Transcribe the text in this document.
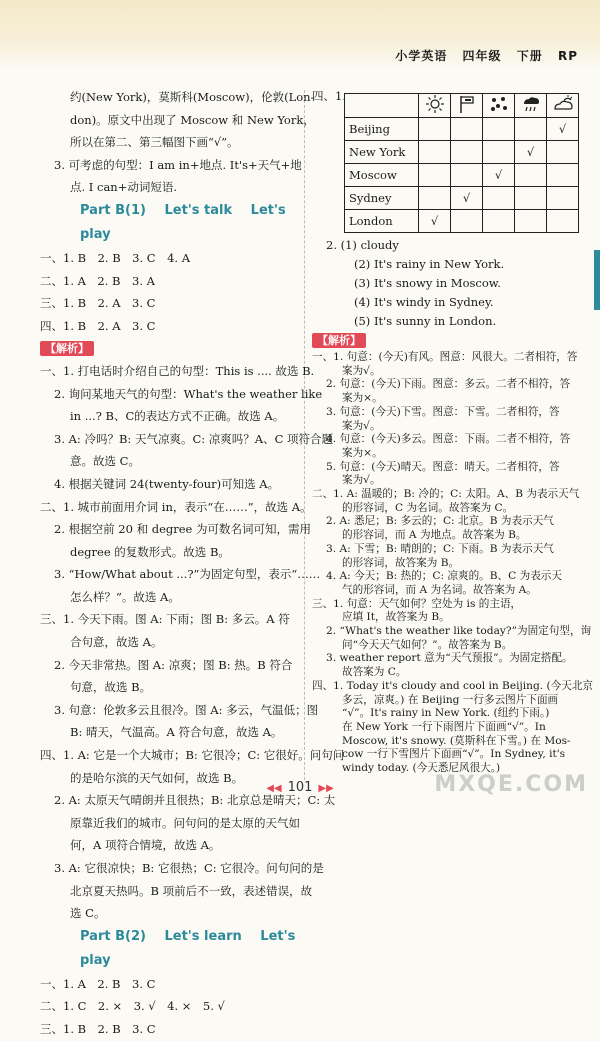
小学英语 四年级 下册 RP
约(New York)，莫斯科(Moscow)，伦敦(Lon-
don)。原文中出现了 Moscow 和 New York，
所以在第二、第三幅图下画“√”。
3. 可考虑的句型：I am in+地点. It's+天气+地
点. I can+动词短语.
Part B(1) Let's talk Let's play
一、1. B　2. B　3. C　4. A
二、1. A　2. B　3. A
三、1. B　2. A　3. C
四、1. B　2. A　3. C
【 解析 】
一、1. 打电话时介绍自己的句型：This is .... 故选 B.
2. 询问某地天气的句型：What's the weather like
in ...? B、C的表达方式不正确。故选 A。
3. A: 冷吗？B: 天气凉爽。C: 凉爽吗？A、C 项符合题
意。故选 C。
4. 根据关键词 24(twenty-four)可知选 A。
二、1. 城市前面用介词 in，表示“在……”，故选 A。
2. 根据空前 20 和 degree 为可数名词可知，需用
degree 的复数形式。故选 B。
3. “How/What about ...?”为固定句型，表示“……
怎么样？”。故选 A。
三、1. 今天下雨。图 A: 下雨；图 B: 多云。A 符
合句意，故选 A。
2. 今天非常热。图 A: 凉爽；图 B: 热。B 符合
句意，故选 B。
3. 句意：伦敦多云且很冷。图 A: 多云，气温低；图
B: 晴天，气温高。A 符合句意，故选 A。
四、1. A: 它是一个大城市；B: 它很冷；C: 它很好。问句问
的是哈尔滨的天气如何，故选 B。
2. A: 太原天气晴朗并且很热；B: 北京总是晴天；C: 太
原靠近我们的城市。问句问的是太原的天气如
何，A 项符合情境，故选 A。
3. A: 它很凉快；B: 它很热；C: 它很冷。问句问的是
北京夏天热吗。B 项前后不一致，表述错误，故
选 C。
Part B(2) Let's learn Let's play
一、1. A　2. B　3. C
二、1. C　2. ×　3. √　4. ×　5. √
三、1. B　2. B　3. C
四、1.

Beijing					√
New York				√	
Moscow			√		
Sydney		√			
London	√				
2. (1) cloudy
(2) It's rainy in New York.
(3) It's snowy in Moscow.
(4) It's windy in Sydney.
(5) It's sunny in London.
【 解析 】
一、1. 句意：(今天)有风。图意：风很大。二者相符，答
案为√。
2. 句意：(今天)下雨。图意：多云。二者不相符，答
案为×。
3. 句意：(今天)下雪。图意：下雪。二者相符，答
案为√。
4. 句意：(今天)多云。图意：下雨。二者不相符，答
案为×。
5. 句意：(今天)晴天。图意：晴天。二者相符，答
案为√。
二、1. A: 温暖的；B: 冷的；C: 太阳。A、B 为表示天气
的形容词，C 为名词。故答案为 C。
2. A: 悉尼；B: 多云的；C: 北京。B 为表示天气
的形容词，而 A 为地点。故答案为 B。
3. A: 下雪；B: 晴朗的；C: 下雨。B 为表示天气
的形容词，故答案为 B。
4. A: 今天；B: 热的；C: 凉爽的。B、C 为表示天
气的形容词，而 A 为名词。故答案为 A。
三、1. 句意：天气如何？空处为 is 的主语，
应填 It，故答案为 B。
2. “What's the weather like today?”为固定句型，询
问“今天天气如何？”。故答案为 B。
3. weather report 意为“天气预报”。为固定搭配。
故答案为 C。
四、1. Today it's cloudy and cool in Beijing. (今天北京
多云，凉爽。) 在 Beijing 一行多云图片下面画
“√”。It's rainy in New York. (纽约下雨。)
在 New York 一行下雨图片下面画“√”。In
Moscow, it's snowy. (莫斯科在下雪。) 在 Mos-
cow 一行下雪图片下面画“√”。In Sydney, it's
windy today. (今天悉尼风很大。)
◀◀ 101 ▶▶	MXQE.COM
